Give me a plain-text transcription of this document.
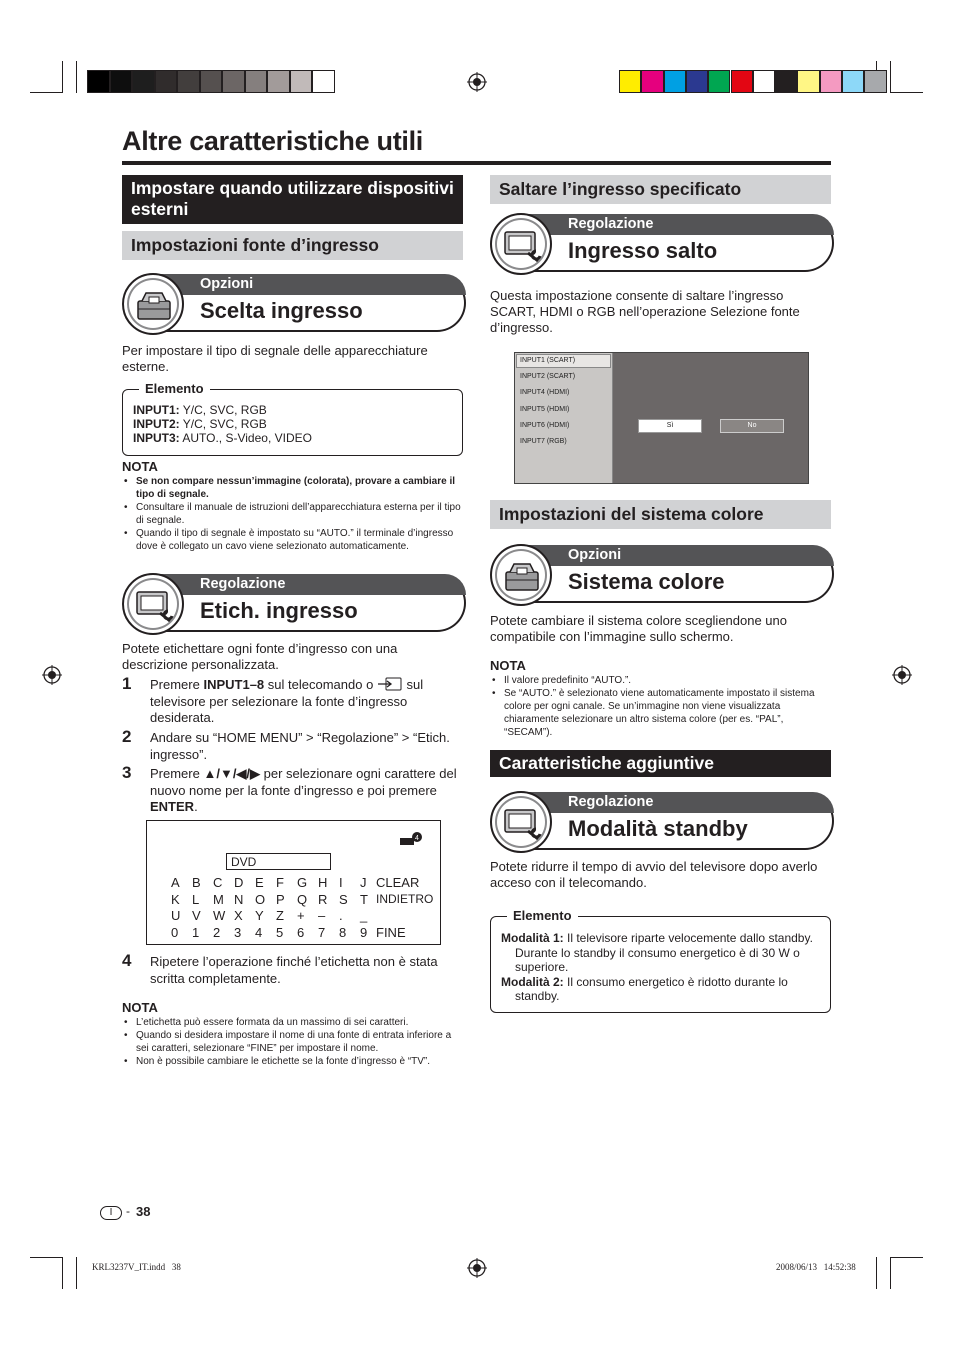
Altre caratteristiche utili
Impostare quando utilizzare dispositivi esterni
Impostazioni fonte d’ingresso
Opzioni
Scelta ingresso
Per impostare il tipo di segnale delle apparecchiature esterne.
Elemento
INPUT1: Y/C, SVC, RGB
INPUT2: Y/C, SVC, RGB
INPUT3: AUTO., S-Video, VIDEO
NOTA
• Se non compare nessun’immagine (colorata), provare a cambiare il tipo di segnale.
• Consultare il manuale de istruzioni dell’apparecchiatura esterna per il tipo di segnale.
• Quando il tipo di segnale è impostato su “AUTO.” il terminale d’ingresso dove è collegato un cavo viene selezionato automaticamente.
Regolazione
Etich. ingresso
Potete etichettare ogni fonte d’ingresso con una descrizione personalizzata.
1 Premere INPUT1–8 sul telecomando o  sul televisore per selezionare la fonte d’ingresso desiderata.
2 Andare su “HOME MENU” > “Regolazione” > “Etich. ingresso”.
3 Premere ▲/▼/◀/▶ per selezionare ogni carattere del nuovo nome per la fonte d’ingresso e poi premere ENTER.
4
DVD
A B C D E F G H I J CLEAR
K L M N O P Q R S T INDIETRO
U V W X Y Z + – . _
0 1 2 3 4 5 6 7 8 9 FINE
4 Ripetere l’operazione finché l’etichetta non è stata scritta completamente.
NOTA
• L’etichetta può essere formata da un massimo di sei caratteri.
• Quando si desidera impostare il nome di una fonte di entrata inferiore a sei caratteri, selezionare “FINE” per impostare il nome.
• Non è possibile cambiare le etichette se la fonte d’ingresso è “TV”.
Saltare l’ingresso specificato
Regolazione
Ingresso salto
Questa impostazione consente di saltare l’ingresso SCART, HDMI o RGB nell’operazione Selezione fonte d’ingresso.
INPUT1 (SCART)
INPUT2 (SCART)
INPUT4 (HDMI)
INPUT5 (HDMI)
INPUT6 (HDMI)
INPUT7 (RGB)
Sì	No
Impostazioni del sistema colore
Opzioni
Sistema colore
Potete cambiare il sistema colore scegliendone uno compatibile con l’immagine sullo schermo.
NOTA
• Il valore predefinito “AUTO.”.
• Se “AUTO.” è selezionato viene automaticamente impostato il sistema colore per ogni canale. Se un’immagine non viene visualizzata chiaramente selezionare un altro sistema colore (per es. “PAL”, “SECAM”).
Caratteristiche aggiuntive
Regolazione
Modalità standby
Potete ridurre il tempo di avvio del televisore dopo averlo acceso con il telecomando.
Elemento
Modalità 1: Il televisore riparte velocemente dallo standby. Durante lo standby il consumo energetico è di 30 W o superiore.
Modalità 2: Il consumo energetico è ridotto durante lo standby.
I	- 38
KRL3237V_IT.indd   38	2008/06/13   14:52:38
